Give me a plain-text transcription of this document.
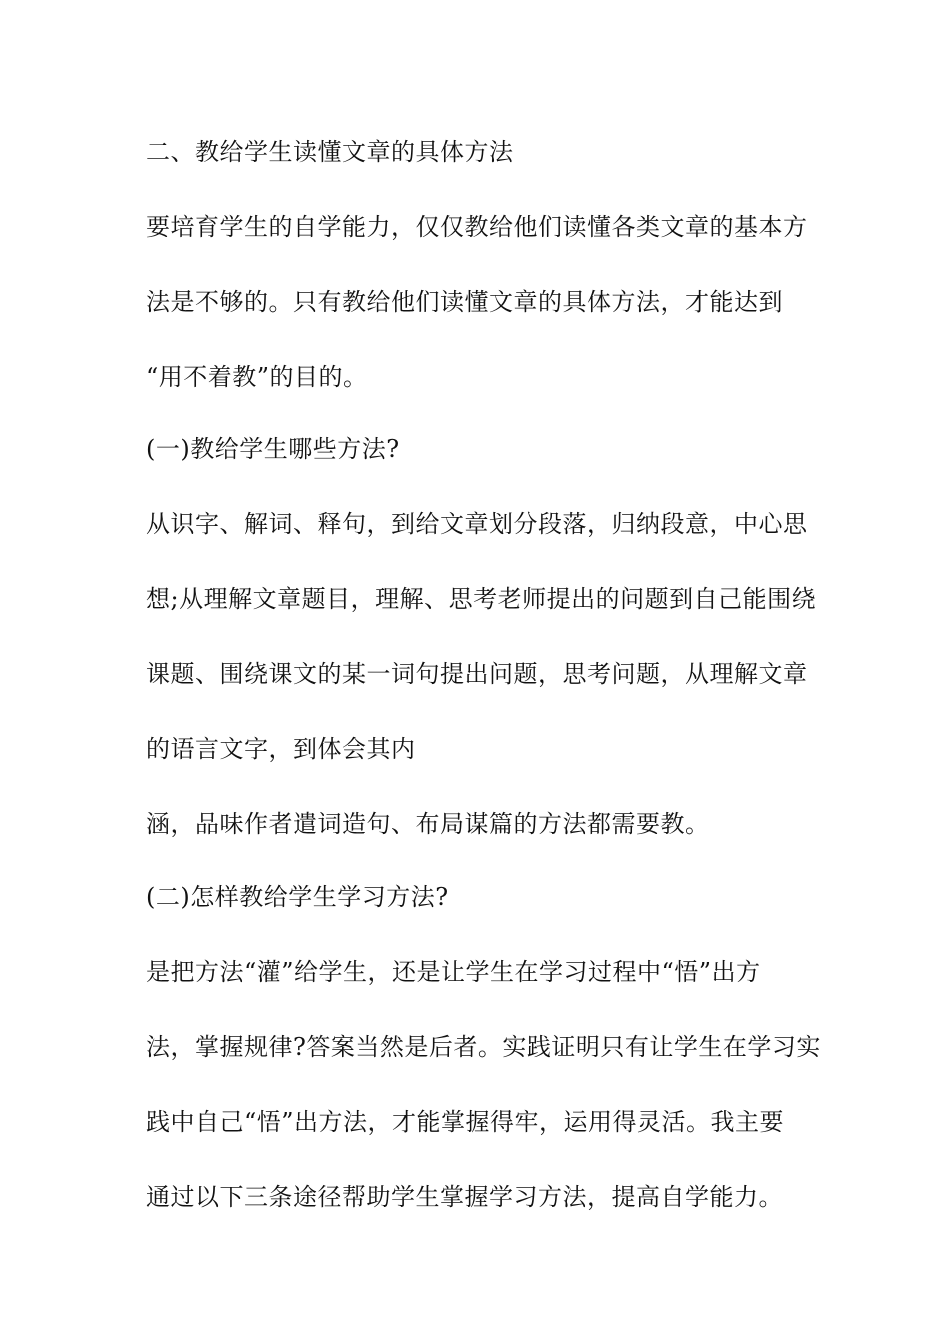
二、教给学生读懂文章的具体方法
要培育学生的自学能力，仅仅教给他们读懂各类文章的基本方
法是不够的。只有教给他们读懂文章的具体方法，才能达到
“用不着教”的目的。
(一)教给学生哪些方法?
从识字、解词、释句，到给文章划分段落，归纳段意，中心思
想;从理解文章题目，理解、思考老师提出的问题到自己能围绕
课题、围绕课文的某一词句提出问题，思考问题，从理解文章
的语言文字，到体会其内
涵，品味作者遣词造句、布局谋篇的方法都需要教。
(二)怎样教给学生学习方法?
是把方法“灌”给学生，还是让学生在学习过程中“悟”出方
法，掌握规律?答案当然是后者。实践证明只有让学生在学习实
践中自己“悟”出方法，才能掌握得牢，运用得灵活。我主要
通过以下三条途径帮助学生掌握学习方法，提高自学能力。
